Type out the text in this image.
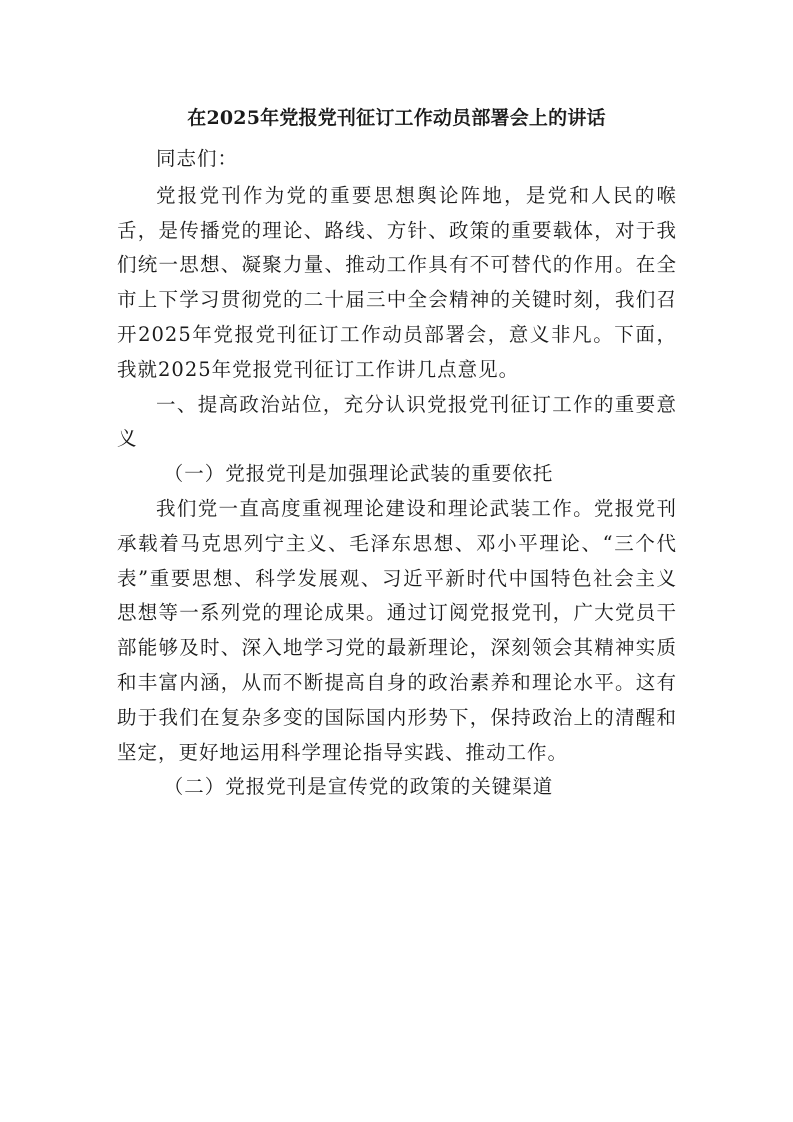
在2025年党报党刊征订工作动员部署会上的讲话

同志们：

党报党刊作为党的重要思想舆论阵地，是党和人民的喉舌，是传播党的理论、路线、方针、政策的重要载体，对于我们统一思想、凝聚力量、推动工作具有不可替代的作用。在全市上下学习贯彻党的二十届三中全会精神的关键时刻，我们召开2025年党报党刊征订工作动员部署会，意义非凡。下面，我就2025年党报党刊征订工作讲几点意见。

一、提高政治站位，充分认识党报党刊征订工作的重要意义

（一）党报党刊是加强理论武装的重要依托

我们党一直高度重视理论建设和理论武装工作。党报党刊承载着马克思列宁主义、毛泽东思想、邓小平理论、“三个代表”重要思想、科学发展观、习近平新时代中国特色社会主义思想等一系列党的理论成果。通过订阅党报党刊，广大党员干部能够及时、深入地学习党的最新理论，深刻领会其精神实质和丰富内涵，从而不断提高自身的政治素养和理论水平。这有助于我们在复杂多变的国际国内形势下，保持政治上的清醒和坚定，更好地运用科学理论指导实践、推动工作。

（二）党报党刊是宣传党的政策的关键渠道
